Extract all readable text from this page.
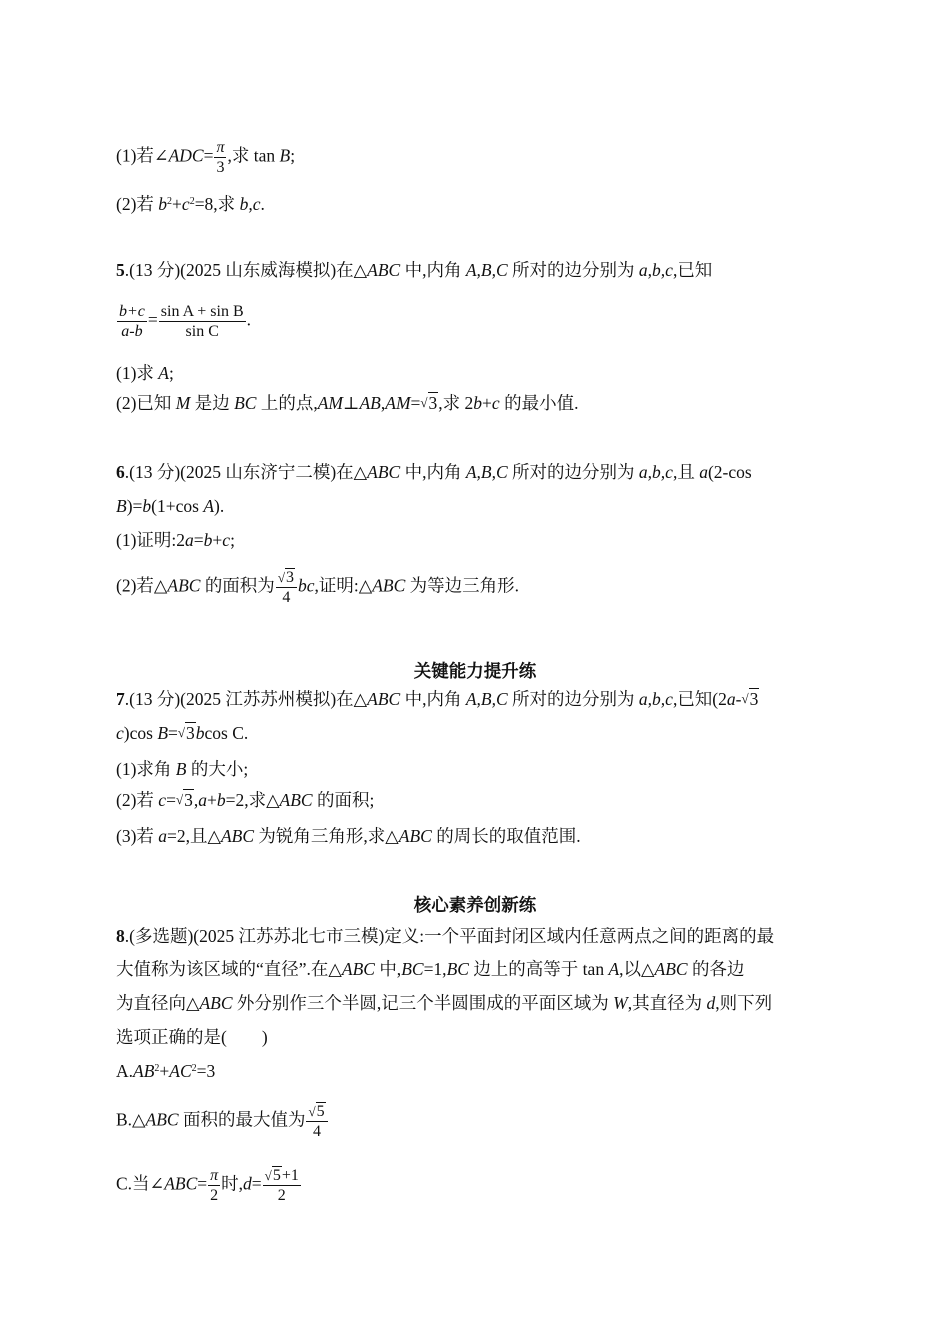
(1)若∠ADC= $\frac{\pi}{3}$ ,求 tan B;
(2)若 $b^2+c^2=8$,求 b,c.
5.(13 分)(2025 山东威海模拟)在△ABC 中,内角 A,B,C 所对的边分别为 a,b,c,已知
$\frac{b+c}{a-b} = \frac{\text{sin A + sin B}}{\text{sin C}}$ .
(1)求 A;
(2)已知 M 是边 BC 上的点,AM⊥AB,AM=√3,求 2b+c 的最小值.
6.(13 分)(2025 山东济宁二模)在△ABC 中,内角 A,B,C 所对的边分别为 a,b,c,且 a(2-cos
B)=b(1+cos A).
(1)证明:2a=b+c;
(2)若△ABC 的面积为 $\frac{^√3}{4}$ bc,证明:△ABC 为等边三角形.
关键能力提升练
7.(13 分)(2025 江苏苏州模拟)在△ABC 中,内角 A,B,C 所对的边分别为 a,b,c,已知(2a-√3
c)cos B=√3bcos C.
(1)求角 B 的大小;
(2)若 c=√3,a+b=2,求△ABC 的面积;
(3)若 a=2,且△ABC 为锐角三角形,求△ABC 的周长的取值范围.
核心素养创新练
8.(多选题)(2025 江苏苏北七市三模)定义:一个平面封闭区域内任意两点之间的距离的最
大值称为该区域的“直径”.在△ABC 中,BC=1,BC 边上的高等于 tan A,以△ABC 的各边
为直径向△ABC 外分别作三个半圆,记三个半圆围成的平面区域为 W,其直径为 d,则下列
选项正确的是(　　)
$A.AB^2+AC^2=3$
B.△ABC 面积的最大值为 $\frac{^√5}{4}$
C.当∠ABC= $\frac{\pi}{2}$ 时$,d= \frac{^√5+1}{2}$
